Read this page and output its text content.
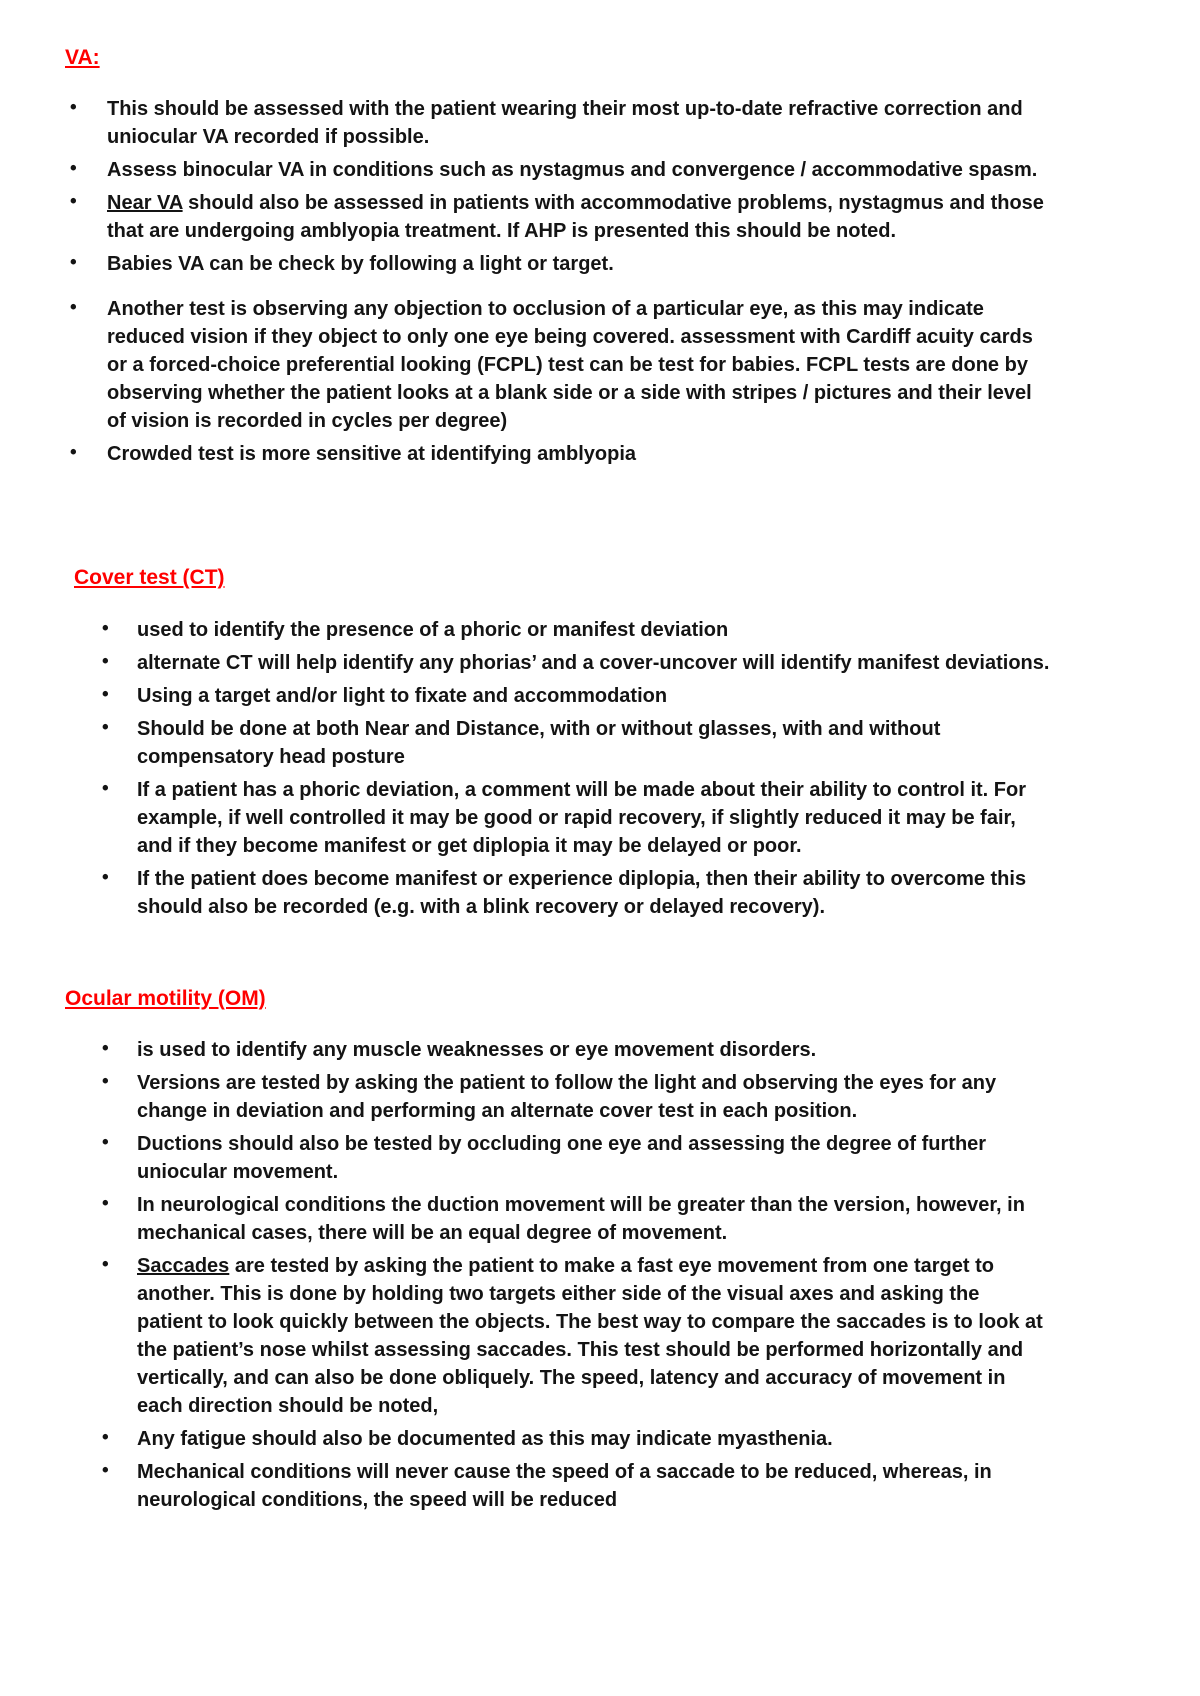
VA:
• This should be assessed with the patient wearing their most up-to-date refractive correction and uniocular VA recorded if possible.
• Assess binocular VA in conditions such as nystagmus and convergence / accommodative spasm.
• Near VA should also be assessed in patients with accommodative problems, nystagmus and those that are undergoing amblyopia treatment. If AHP is presented this should be noted.
• Babies VA can be check by following a light or target.
• Another test is observing any objection to occlusion of a particular eye, as this may indicate reduced vision if they object to only one eye being covered. assessment with Cardiff acuity cards or a forced-choice preferential looking (FCPL) test can be test for babies. FCPL tests are done by observing whether the patient looks at a blank side or a side with stripes / pictures and their level of vision is recorded in cycles per degree)
• Crowded test is more sensitive at identifying amblyopia
Cover test (CT)
• used to identify the presence of a phoric or manifest deviation
• alternate CT will help identify any phorias’ and a cover-uncover will identify manifest deviations.
• Using a target and/or light to fixate and accommodation
• Should be done at both Near and Distance, with or without glasses, with and without compensatory head posture
• If a patient has a phoric deviation, a comment will be made about their ability to control it. For example, if well controlled it may be good or rapid recovery, if slightly reduced it may be fair, and if they become manifest or get diplopia it may be delayed or poor.
• If the patient does become manifest or experience diplopia, then their ability to overcome this should also be recorded (e.g. with a blink recovery or delayed recovery).
Ocular motility (OM)
• is used to identify any muscle weaknesses or eye movement disorders.
• Versions are tested by asking the patient to follow the light and observing the eyes for any change in deviation and performing an alternate cover test in each position.
• Ductions should also be tested by occluding one eye and assessing the degree of further uniocular movement.
• In neurological conditions the duction movement will be greater than the version, however, in mechanical cases, there will be an equal degree of movement.
• Saccades are tested by asking the patient to make a fast eye movement from one target to another. This is done by holding two targets either side of the visual axes and asking the patient to look quickly between the objects. The best way to compare the saccades is to look at the patient’s nose whilst assessing saccades. This test should be performed horizontally and vertically, and can also be done obliquely. The speed, latency and accuracy of movement in each direction should be noted,
• Any fatigue should also be documented as this may indicate myasthenia.
• Mechanical conditions will never cause the speed of a saccade to be reduced, whereas, in neurological conditions, the speed will be reduced
